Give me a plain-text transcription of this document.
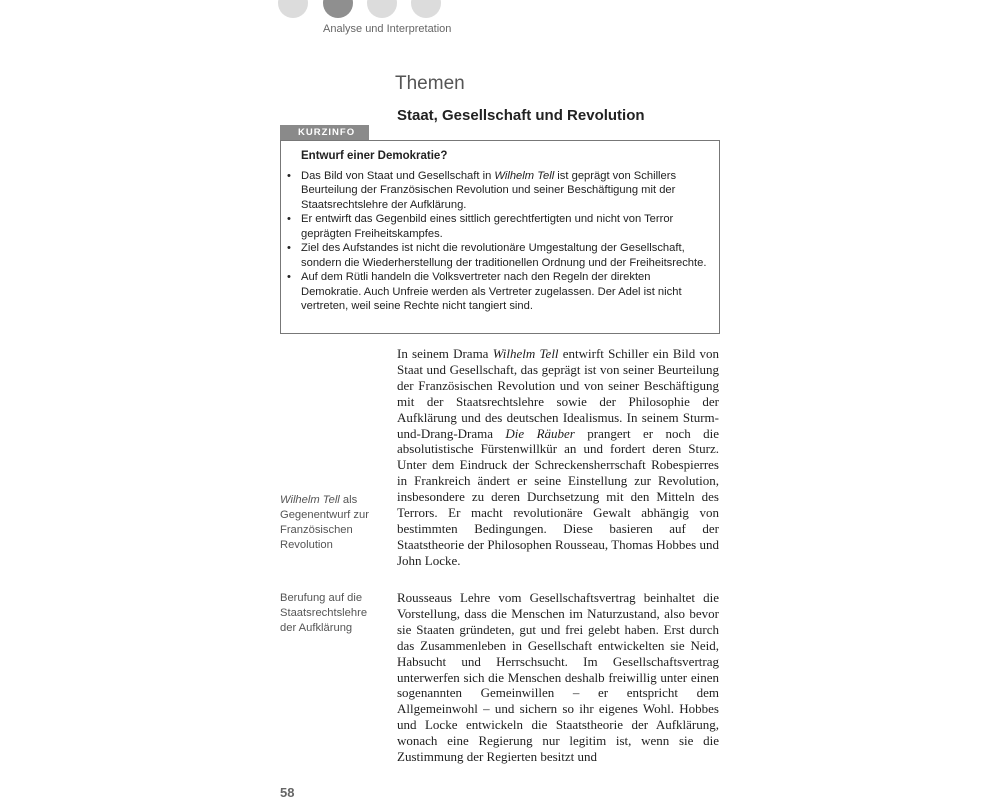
Analyse und Interpretation
Themen
Staat, Gesellschaft und Revolution
KURZINFO
Entwurf einer Demokratie?
• Das Bild von Staat und Gesellschaft in Wilhelm Tell ist geprägt von Schillers Beurteilung der Französischen Revolution und seiner Beschäftigung mit der Staatsrechtslehre der Aufklärung.
• Er entwirft das Gegenbild eines sittlich gerechtfertigten und nicht von Terror geprägten Freiheitskampfes.
• Ziel des Aufstandes ist nicht die revolutionäre Umgestaltung der Gesellschaft, sondern die Wiederherstellung der traditionellen Ordnung und der Freiheitsrechte.
• Auf dem Rütli handeln die Volksvertreter nach den Regeln der direkten Demokratie. Auch Unfreie werden als Vertreter zugelassen. Der Adel ist nicht vertreten, weil seine Rechte nicht tangiert sind.
Wilhelm Tell als Gegenentwurf zur Französischen Revolution
Berufung auf die Staatsrechtslehre der Aufklärung

In seinem Drama Wilhelm Tell entwirft Schiller ein Bild von Staat und Gesellschaft, das geprägt ist von seiner Beurteilung der Französischen Revolution und von seiner Beschäftigung mit der Staatsrechtslehre sowie der Philosophie der Aufklärung und des deutschen Idealismus. In seinem Sturm-und-Drang-Drama Die Räuber prangert er noch die absolutistische Fürstenwillkür an und fordert deren Sturz. Unter dem Eindruck der Schreckensherrschaft Robespierres in Frankreich ändert er seine Einstellung zur Revolution, insbesondere zu deren Durchsetzung mit den Mitteln des Terrors. Er macht revolutionäre Gewalt abhängig von bestimmten Bedingungen. Diese basieren auf der Staatstheorie der Philosophen Rousseau, Thomas Hobbes und John Locke.

Rousseaus Lehre vom Gesellschaftsvertrag beinhaltet die Vorstellung, dass die Menschen im Naturzustand, also bevor sie Staaten gründeten, gut und frei gelebt haben. Erst durch das Zusammenleben in Gesellschaft entwickelten sie Neid, Habsucht und Herrschsucht. Im Gesellschaftsvertrag unterwerfen sich die Menschen deshalb freiwillig unter einen sogenannten Gemeinwillen – er entspricht dem Allgemeinwohl – und sichern so ihr eigenes Wohl. Hobbes und Locke entwickeln die Staatstheorie der Aufklärung, wonach eine Regierung nur legitim ist, wenn sie die Zustimmung der Regierten besitzt und

58
